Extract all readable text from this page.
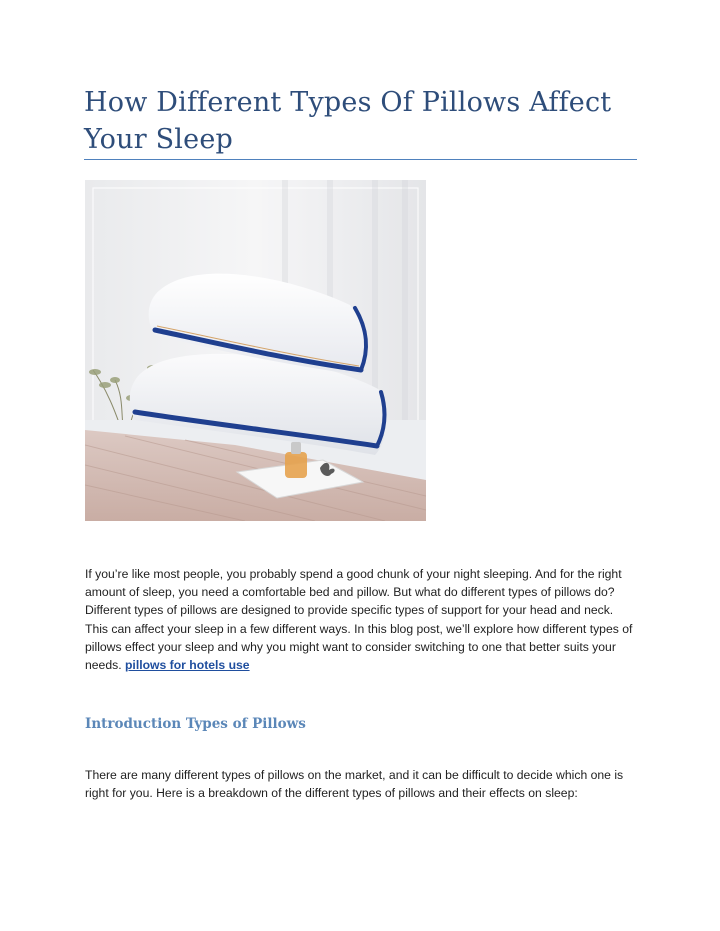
How Different Types Of Pillows Affect Your Sleep

If you’re like most people, you probably spend a good chunk of your night sleeping. And for the right amount of sleep, you need a comfortable bed and pillow. But what do different types of pillows do? Different types of pillows are designed to provide specific types of support for your head and neck. This can affect your sleep in a few different ways. In this blog post, we’ll explore how different types of pillows effect your sleep and why you might want to consider switching to one that better suits your needs. pillows for hotels use

Introduction Types of Pillows

There are many different types of pillows on the market, and it can be difficult to decide which one is right for you. Here is a breakdown of the different types of pillows and their effects on sleep:
